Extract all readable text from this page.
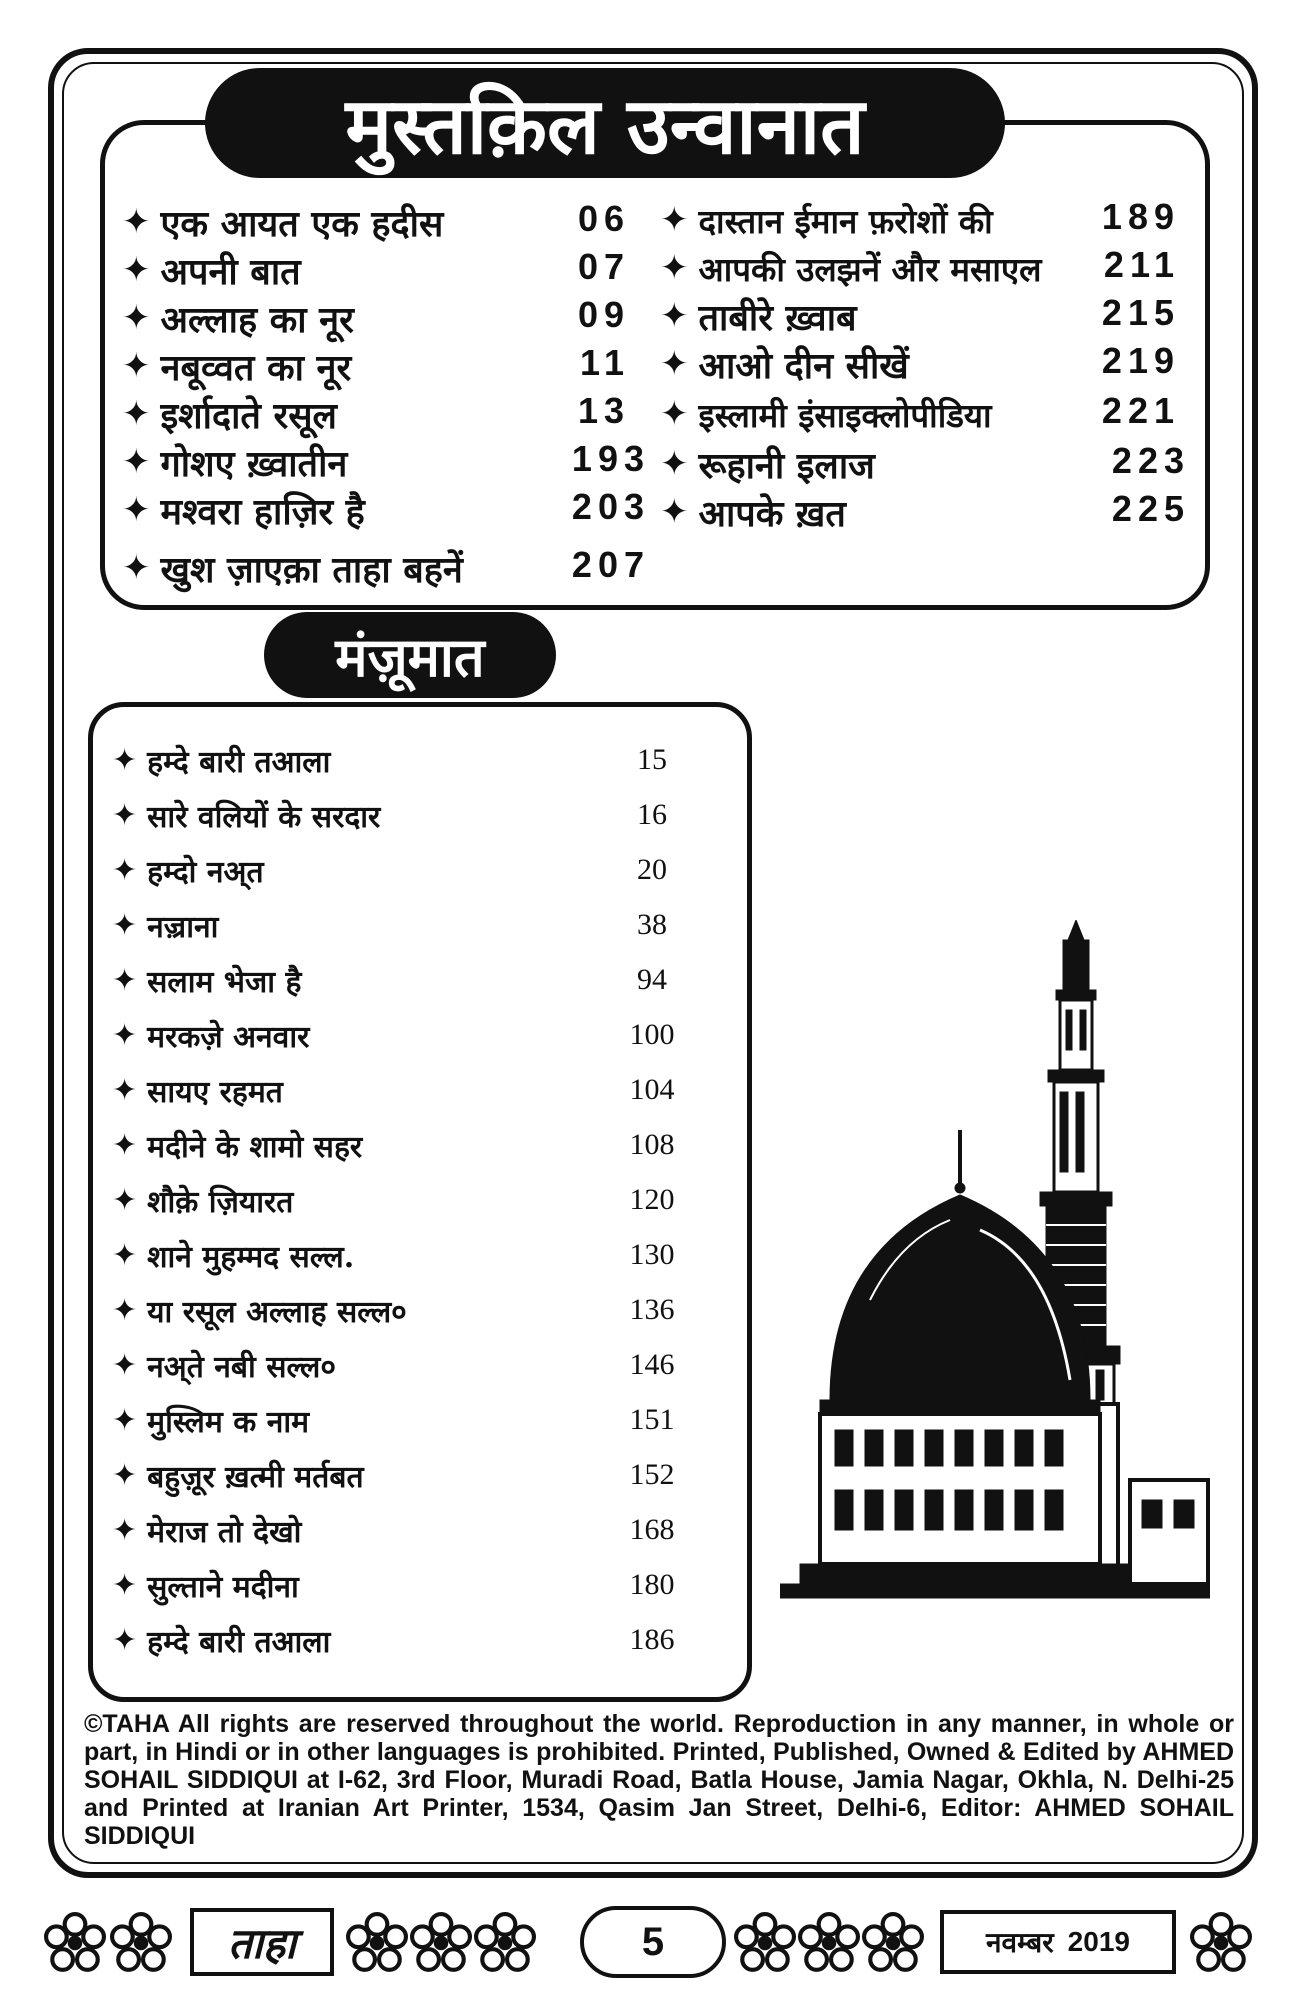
मुस्तक़िल उन्वानात
✦ एक आयत एक हदीस	06
✦ अपनी बात	07
✦ अल्लाह का नूर	09
✦ नबूव्वत का नूर	11
✦ इर्शादाते रसूल	13
✦ गोशए ख़्वातीन	193
✦ मश्वरा हाज़िर है	203
✦ खुश ज़ाएक़ा ताहा बहनें	207
✦ दास्तान ईमान फ़रोशों की	189
✦ आपकी उलझनें और मसाएल	211
✦ ताबीरे ख़्वाब	215
✦ आओ दीन सीखें	219
✦ इस्लामी इंसाइक्लोपीडिया	221
✦ रूहानी इलाज	223
✦ आपके ख़त	225
मंज़ूमात
✦ हम्दे बारी तआला	15
✦ सारे वलियों के सरदार	16
✦ हम्दो नअ्त	20
✦ नज़्राना	38
✦ सलाम भेजा है	94
✦ मरकज़े अनवार	100
✦ सायए रहमत	104
✦ मदीने के शामो सहर	108
✦ शौक़े ज़ियारत	120
✦ शाने मुहम्मद सल्ल.	130
✦ या रसूल अल्लाह सल्ल०	136
✦ नअ्ते नबी सल्ल०	146
✦ मुस्लिम क नाम	151
✦ बहुज़ूर ख़त्मी मर्तबत	152
✦ मेराज तो देखो	168
✦ सुल्ताने मदीना	180
✦ हम्दे बारी तआला	186
©TAHA All rights are reserved throughout the world. Reproduction in any manner, in whole or part, in Hindi or in other languages is prohibited. Printed, Published, Owned & Edited by AHMED SOHAIL SIDDIQUI at I-62, 3rd Floor, Muradi Road, Batla House, Jamia Nagar, Okhla, N. Delhi-25 and Printed at Iranian Art Printer, 1534, Qasim Jan Street, Delhi-6, Editor: AHMED SOHAIL SIDDIQUI
ताहा	5	नवम्बर 2019
